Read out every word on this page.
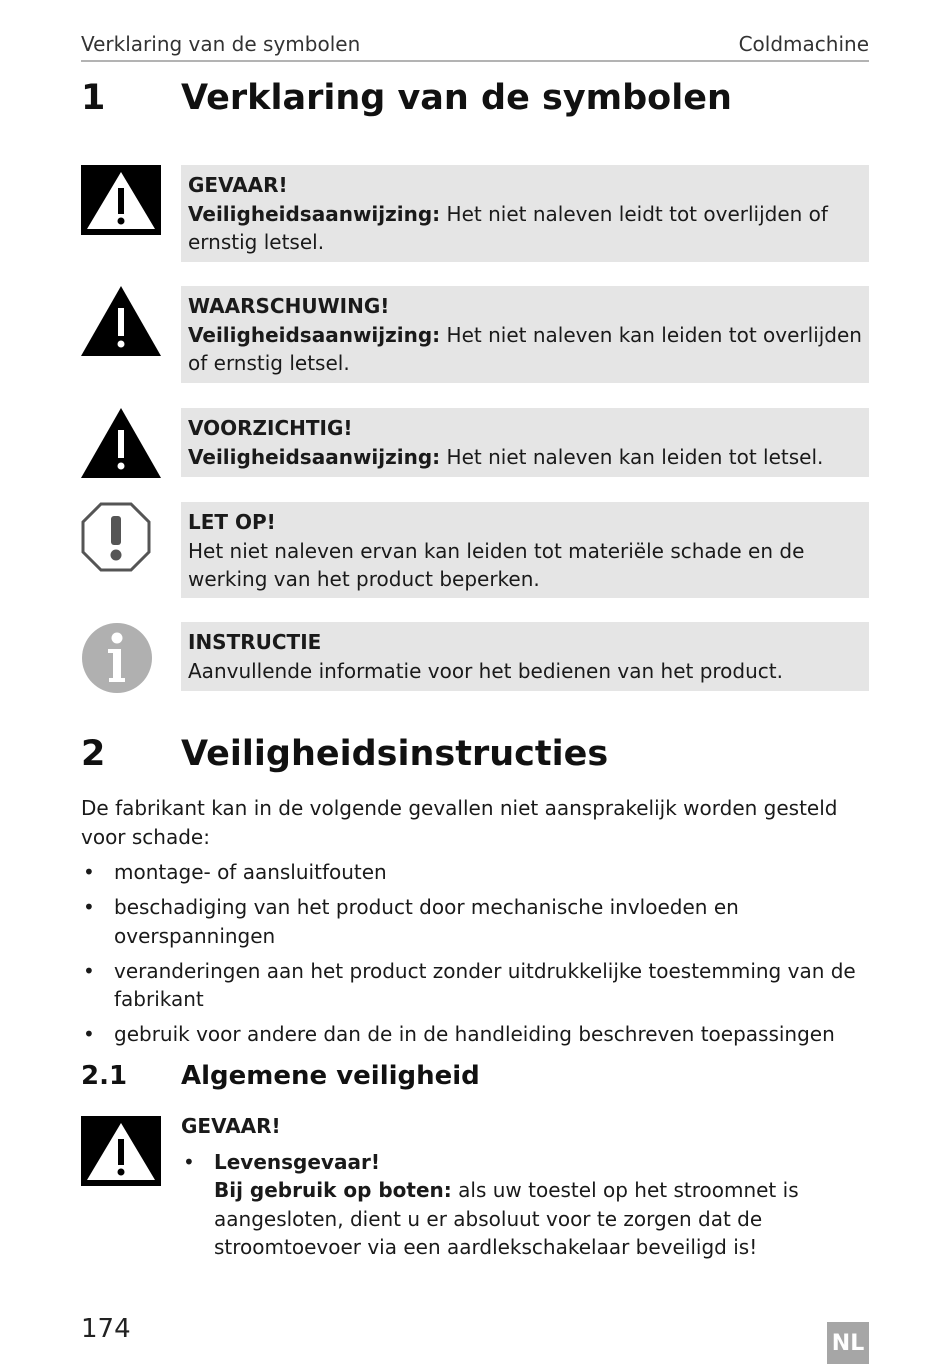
Verklaring van de symbolen	Coldmachine
1 Verklaring van de symbolen
GEVAAR!
Veiligheidsaanwijzing: Het niet naleven leidt tot overlijden of ernstig letsel.
WAARSCHUWING!
Veiligheidsaanwijzing: Het niet naleven kan leiden tot overlijden of ernstig letsel.
VOORZICHTIG!
Veiligheidsaanwijzing: Het niet naleven kan leiden tot letsel.
LET OP!
Het niet naleven ervan kan leiden tot materiële schade en de werking van het product beperken.
INSTRUCTIE
Aanvullende informatie voor het bedienen van het product.
2 Veiligheidsinstructies
De fabrikant kan in de volgende gevallen niet aansprakelijk worden gesteld voor schade:
• montage- of aansluitfouten
• beschadiging van het product door mechanische invloeden en overspanningen
• veranderingen aan het product zonder uitdrukkelijke toestemming van de fabrikant
• gebruik voor andere dan de in de handleiding beschreven toepassingen
2.1 Algemene veiligheid
GEVAAR!
• Levensgevaar!
Bij gebruik op boten: als uw toestel op het stroomnet is aangesloten, dient u er absoluut voor te zorgen dat de stroomtoevoer via een aardlekschakelaar beveiligd is!
174	NL
